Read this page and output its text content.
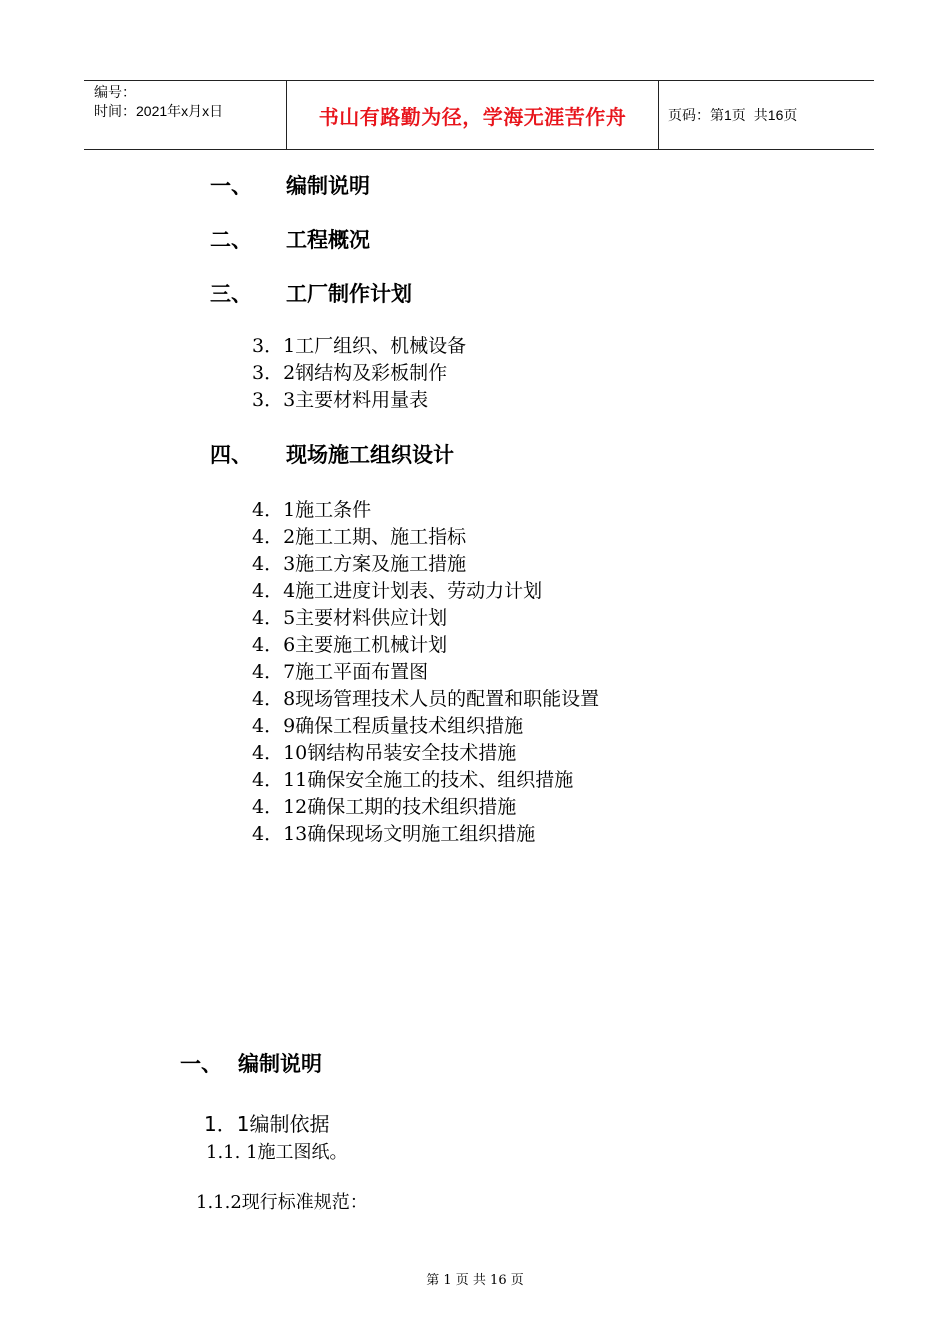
编号：
时间：2021年x月x日	书山有路勤为径，学海无涯苦作舟	页码：第1页 共16页
一、 编制说明
二、 工程概况
三、 工厂制作计划
3．1工厂组织、机械设备
3．2钢结构及彩板制作
3．3主要材料用量表
四、 现场施工组织设计
4．1施工条件
4．2施工工期、施工指标
4．3施工方案及施工措施
4．4施工进度计划表、劳动力计划
4．5主要材料供应计划
4．6主要施工机械计划
4．7施工平面布置图
4．8现场管理技术人员的配置和职能设置
4．9确保工程质量技术组织措施
4．10钢结构吊装安全技术措施
4．11确保安全施工的技术、组织措施
4．12确保工期的技术组织措施
4．13确保现场文明施工组织措施
一、 编制说明
1．1编制依据
1.1. 1施工图纸。
1.1.2现行标准规范：
第 1 页 共 16 页
